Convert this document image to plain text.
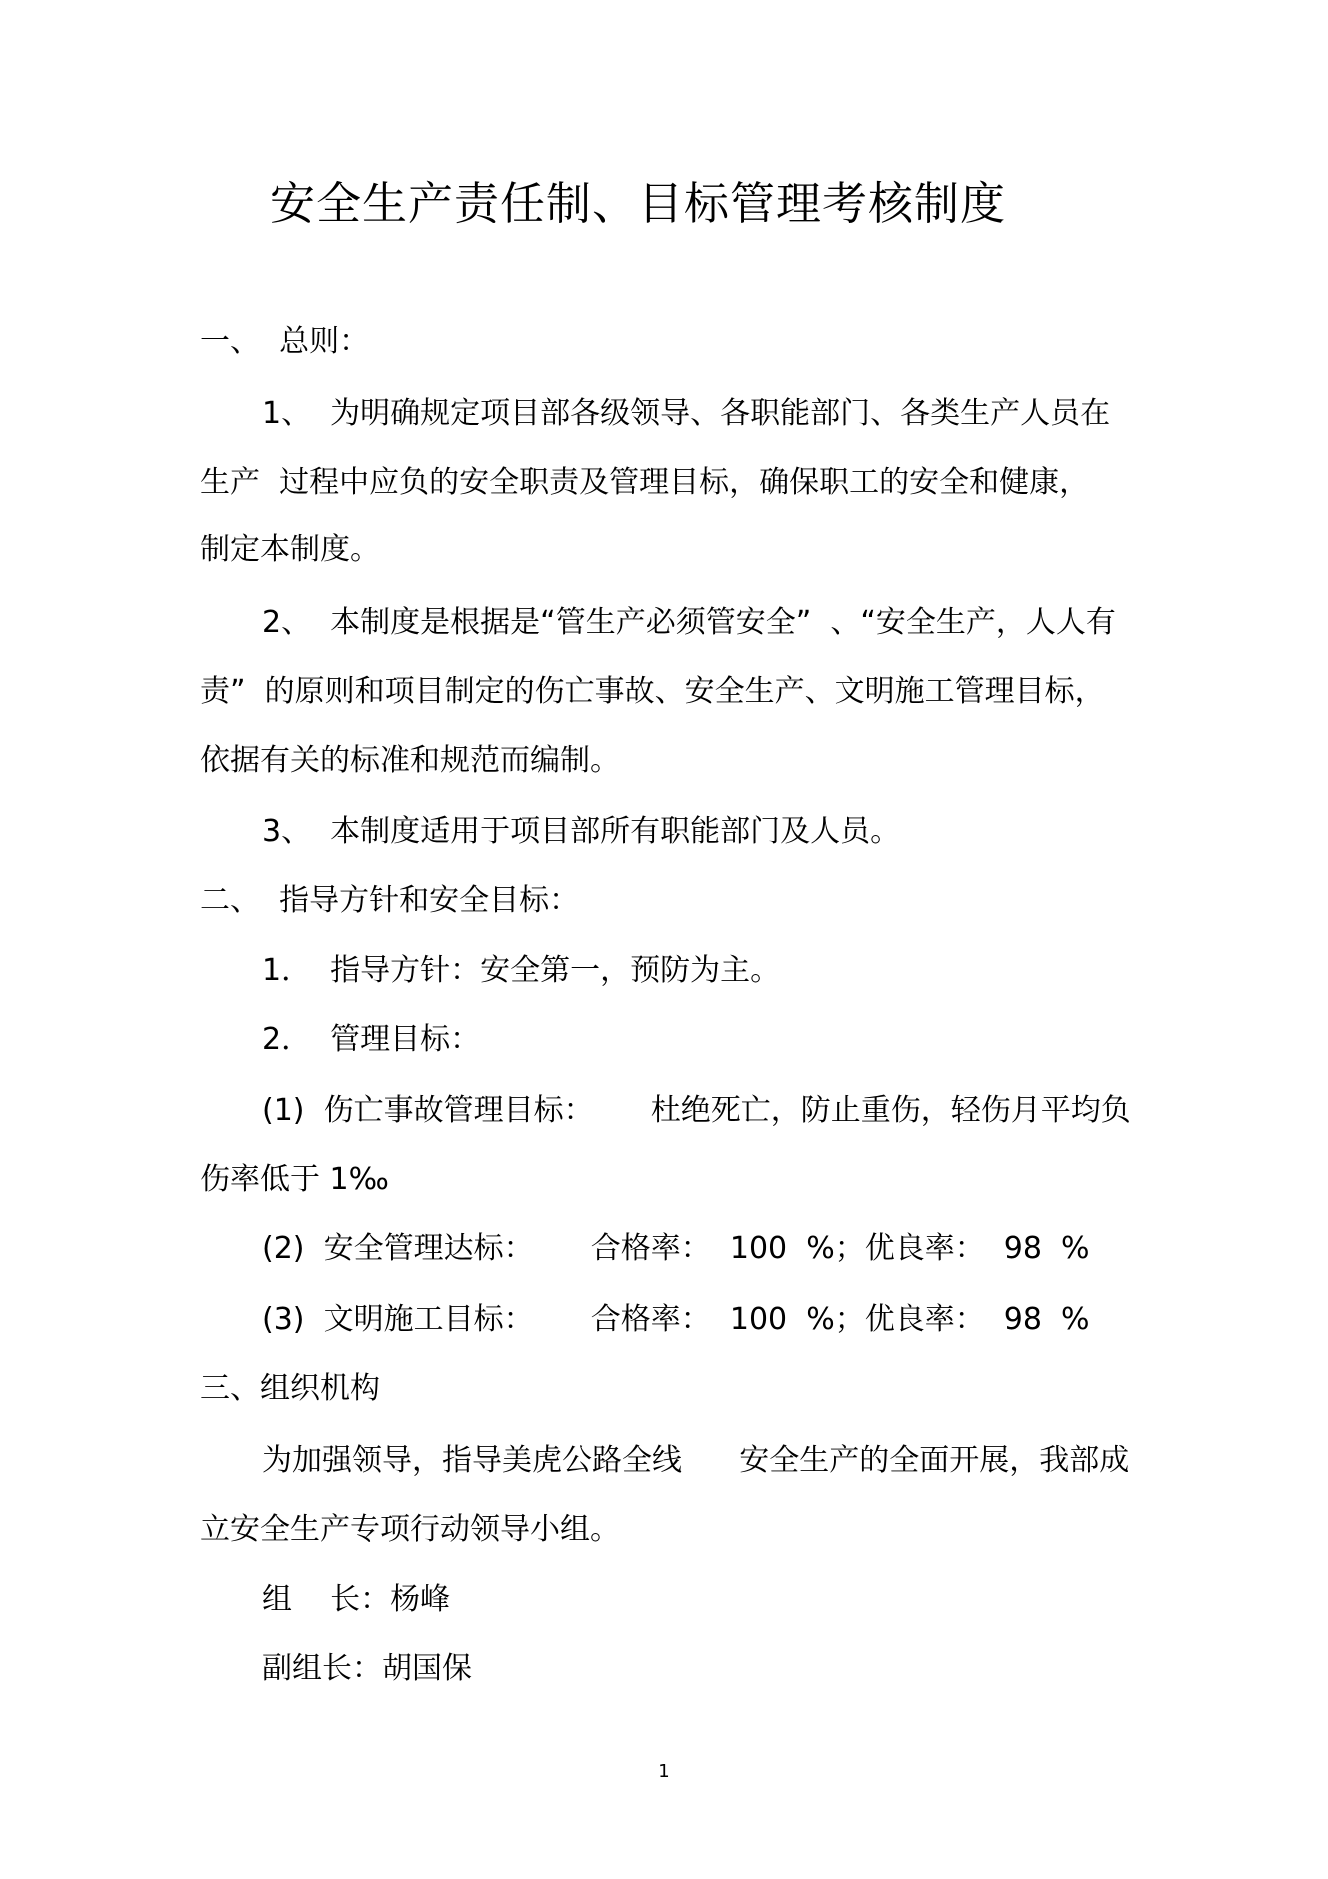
安全生产责任制、目标管理考核制度
一、  总则：
1、  为明确规定项目部各级领导、各职能部门、各类生产人员在
生产  过程中应负的安全职责及管理目标，确保职工的安全和健康，
制定本制度。
2、  本制度是根据是“管生产必须管安全”  、“安全生产，人人有
责”  的原则和项目制定的伤亡事故、安全生产、文明施工管理目标，
依据有关的标准和规范而编制。
3、  本制度适用于项目部所有职能部门及人员。
二、  指导方针和安全目标：
1．  指导方针：安全第一，预防为主。
2．  管理目标：
(1)  伤亡事故管理目标：      杜绝死亡，防止重伤，轻伤月平均负
伤率低于 1‰
(2)  安全管理达标：      合格率：  100  %；优良率：  98  %
(3)  文明施工目标：      合格率：  100  %；优良率：  98  %
三、组织机构
为加强领导，指导美虎公路全线      安全生产的全面开展，我部成
立安全生产专项行动领导小组。
组    长：杨峰
副组长：胡国保
1
